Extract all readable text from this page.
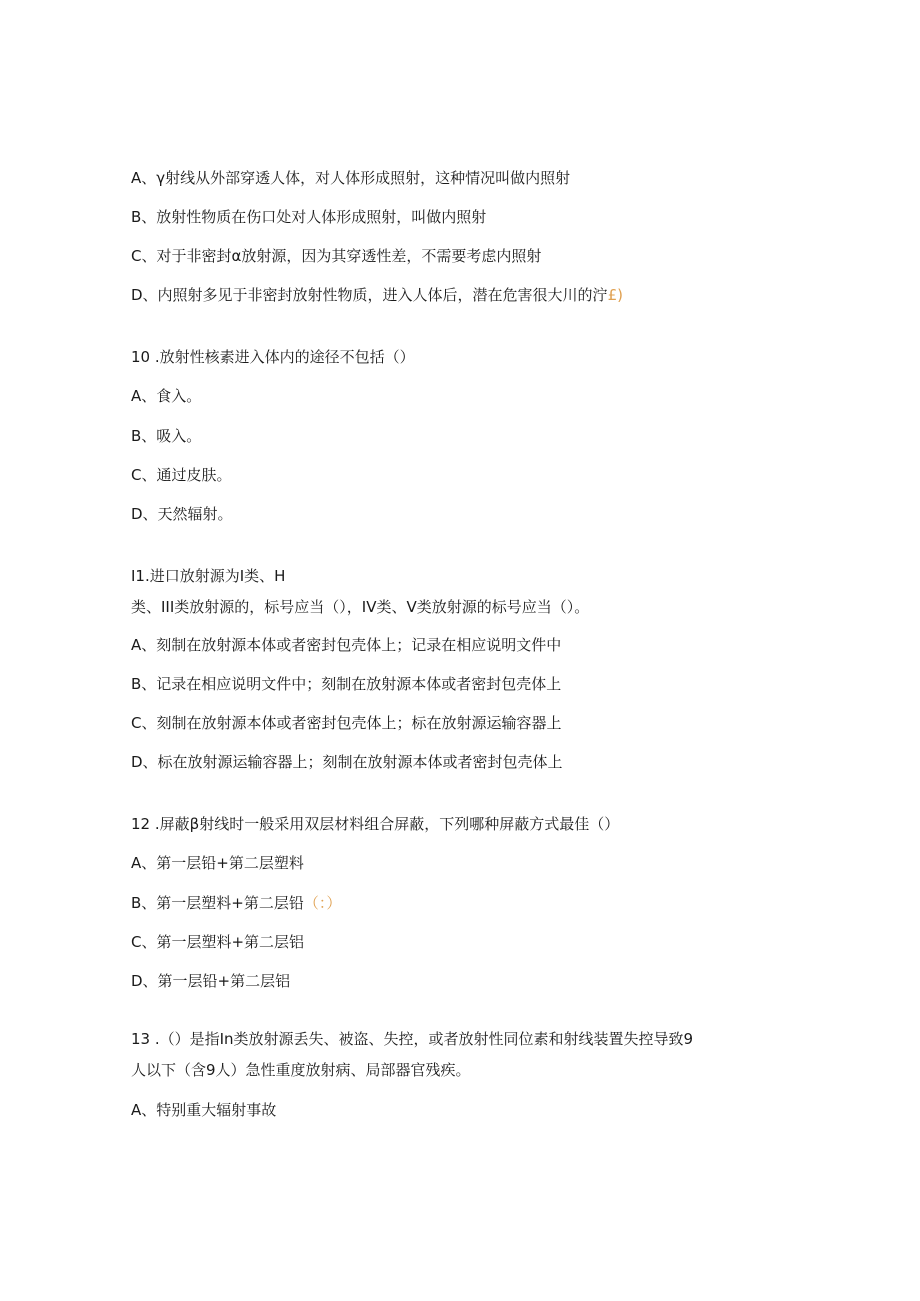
A、γ射线从外部穿透人体，对人体形成照射，这种情况叫做内照射
B、放射性物质在伤口处对人体形成照射，叫做内照射
C、对于非密封α放射源，因为其穿透性差，不需要考虑内照射
D、内照射多见于非密封放射性物质，进入人体后，潜在危害很大川的泞£)
10 .放射性核素进入体内的途径不包括（）
A、食入。
B、吸入。
C、通过皮肤。
D、天然辐射。
I1.进口放射源为I类、H
类、III类放射源的，标号应当（），IV类、V类放射源的标号应当（）。
A、刻制在放射源本体或者密封包壳体上；记录在相应说明文件中
B、记录在相应说明文件中；刻制在放射源本体或者密封包壳体上
C、刻制在放射源本体或者密封包壳体上；标在放射源运输容器上
D、标在放射源运输容器上；刻制在放射源本体或者密封包壳体上
12 .屏蔽β射线时一般采用双层材料组合屏蔽，下列哪种屏蔽方式最佳（）
A、第一层铅+第二层塑料
B、第一层塑料+第二层铅（：）
C、第一层塑料+第二层铝
D、第一层铅+第二层铝
13 .（）是指In类放射源丢失、被盗、失控，或者放射性同位素和射线装置失控导致9
人以下（含9人）急性重度放射病、局部器官残疾。
A、特别重大辐射事故
